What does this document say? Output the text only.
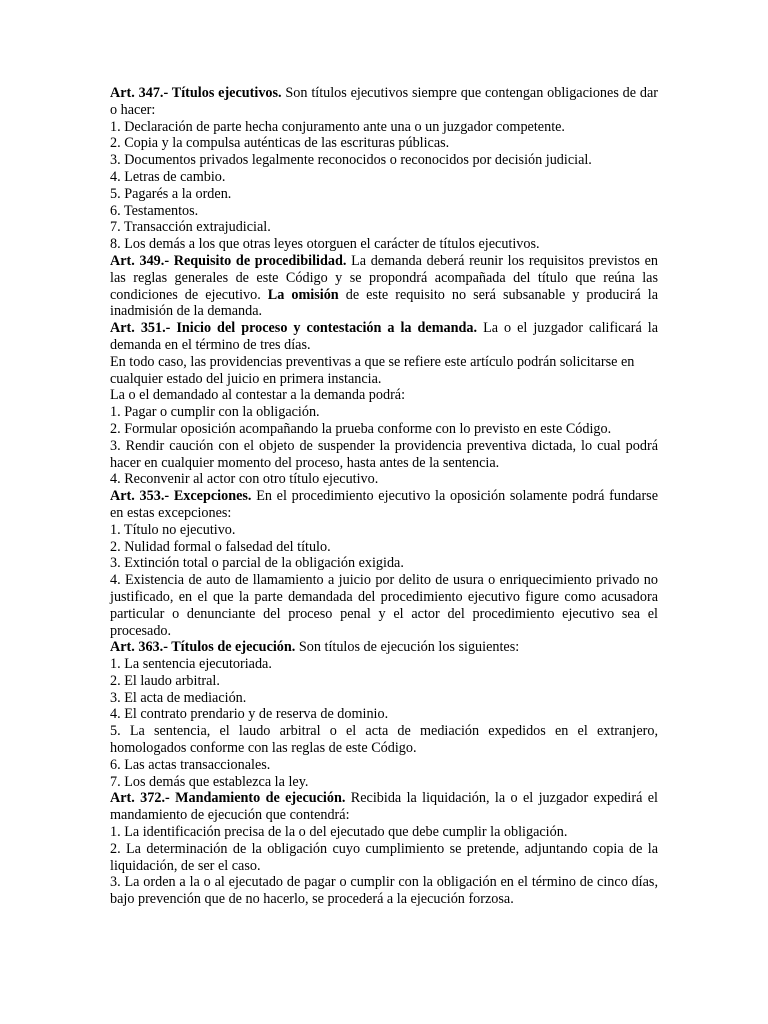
Art. 347.- Títulos ejecutivos. Son títulos ejecutivos siempre que contengan obligaciones de dar o hacer:

1. Declaración de parte hecha conjuramento ante una o un juzgador competente.

2. Copia y la compulsa auténticas de las escrituras públicas.

3. Documentos privados legalmente reconocidos o reconocidos por decisión judicial.

4. Letras de cambio.

5. Pagarés a la orden.

6. Testamentos.

7. Transacción extrajudicial.

8. Los demás a los que otras leyes otorguen el carácter de títulos ejecutivos.

Art. 349.- Requisito de procedibilidad. La demanda deberá reunir los requisitos previstos en las reglas generales de este Código y se propondrá acompañada del título que reúna las condiciones de ejecutivo. La omisión de este requisito no será subsanable y producirá la inadmisión de la demanda.

Art. 351.- Inicio del proceso y contestación a la demanda. La o el juzgador calificará la demanda en el término de tres días.

En todo caso, las providencias preventivas a que se refiere este artículo podrán solicitarse en cualquier estado del juicio en primera instancia.

La o el demandado al contestar a la demanda podrá:

1. Pagar o cumplir con la obligación.

2. Formular oposición acompañando la prueba conforme con lo previsto en este Código.

3. Rendir caución con el objeto de suspender la providencia preventiva dictada, lo cual podrá hacer en cualquier momento del proceso, hasta antes de la sentencia.

4. Reconvenir al actor con otro título ejecutivo.

Art. 353.- Excepciones. En el procedimiento ejecutivo la oposición solamente podrá fundarse en estas excepciones:

1. Título no ejecutivo.

2. Nulidad formal o falsedad del título.

3. Extinción total o parcial de la obligación exigida.

4. Existencia de auto de llamamiento a juicio por delito de usura o enriquecimiento privado no justificado, en el que la parte demandada del procedimiento ejecutivo figure como acusadora particular o denunciante del proceso penal y el actor del procedimiento ejecutivo sea el procesado.

Art. 363.- Títulos de ejecución. Son títulos de ejecución los siguientes:

1. La sentencia ejecutoriada.

2. El laudo arbitral.

3. El acta de mediación.

4. El contrato prendario y de reserva de dominio.

5. La sentencia, el laudo arbitral o el acta de mediación expedidos en el extranjero, homologados conforme con las reglas de este Código.

6. Las actas transaccionales.

7. Los demás que establezca la ley.

Art. 372.- Mandamiento de ejecución. Recibida la liquidación, la o el juzgador expedirá el mandamiento de ejecución que contendrá:

1. La identificación precisa de la o del ejecutado que debe cumplir la obligación.

2. La determinación de la obligación cuyo cumplimiento se pretende, adjuntando copia de la liquidación, de ser el caso.

3. La orden a la o al ejecutado de pagar o cumplir con la obligación en el término de cinco días, bajo prevención que de no hacerlo, se procederá a la ejecución forzosa.
